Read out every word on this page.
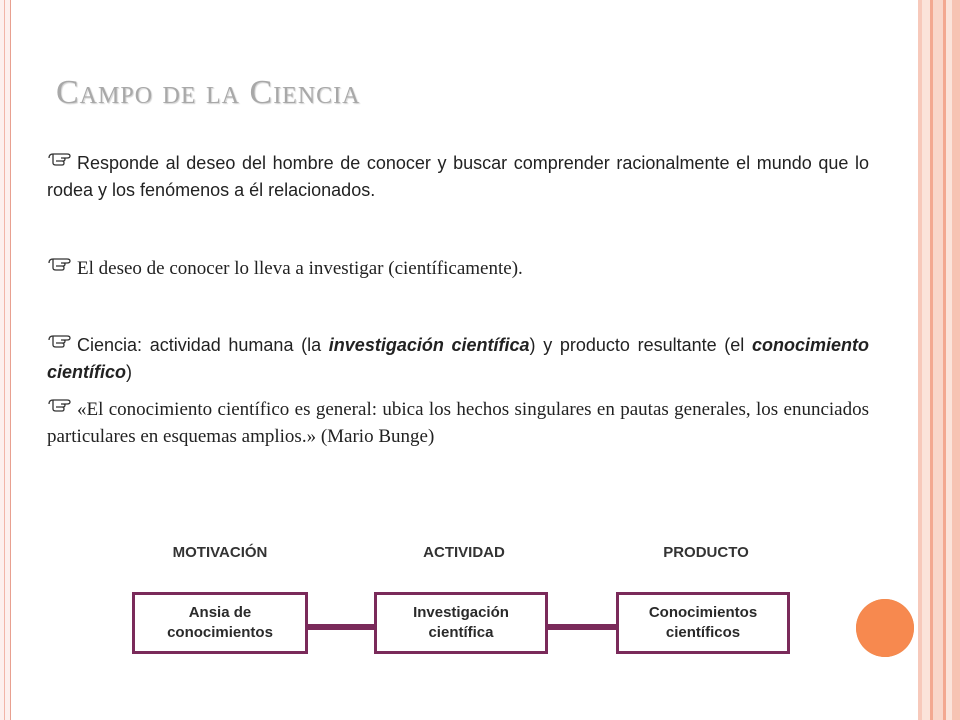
Campo de la Ciencia

Responde al deseo del hombre de conocer y buscar comprender racionalmente el mundo que lo rodea y los fenómenos a él relacionados.

El deseo de conocer lo lleva a investigar (científicamente).

Ciencia: actividad humana (la investigación científica) y producto resultante (el conocimiento científico)

«El conocimiento científico es general: ubica los hechos singulares en pautas generales, los enunciados particulares en esquemas amplios.» (Mario Bunge)

MOTIVACIÓN	ACTIVIDAD	PRODUCTO
Ansia de
conocimientos
Investigación
científica
Conocimientos
científicos
